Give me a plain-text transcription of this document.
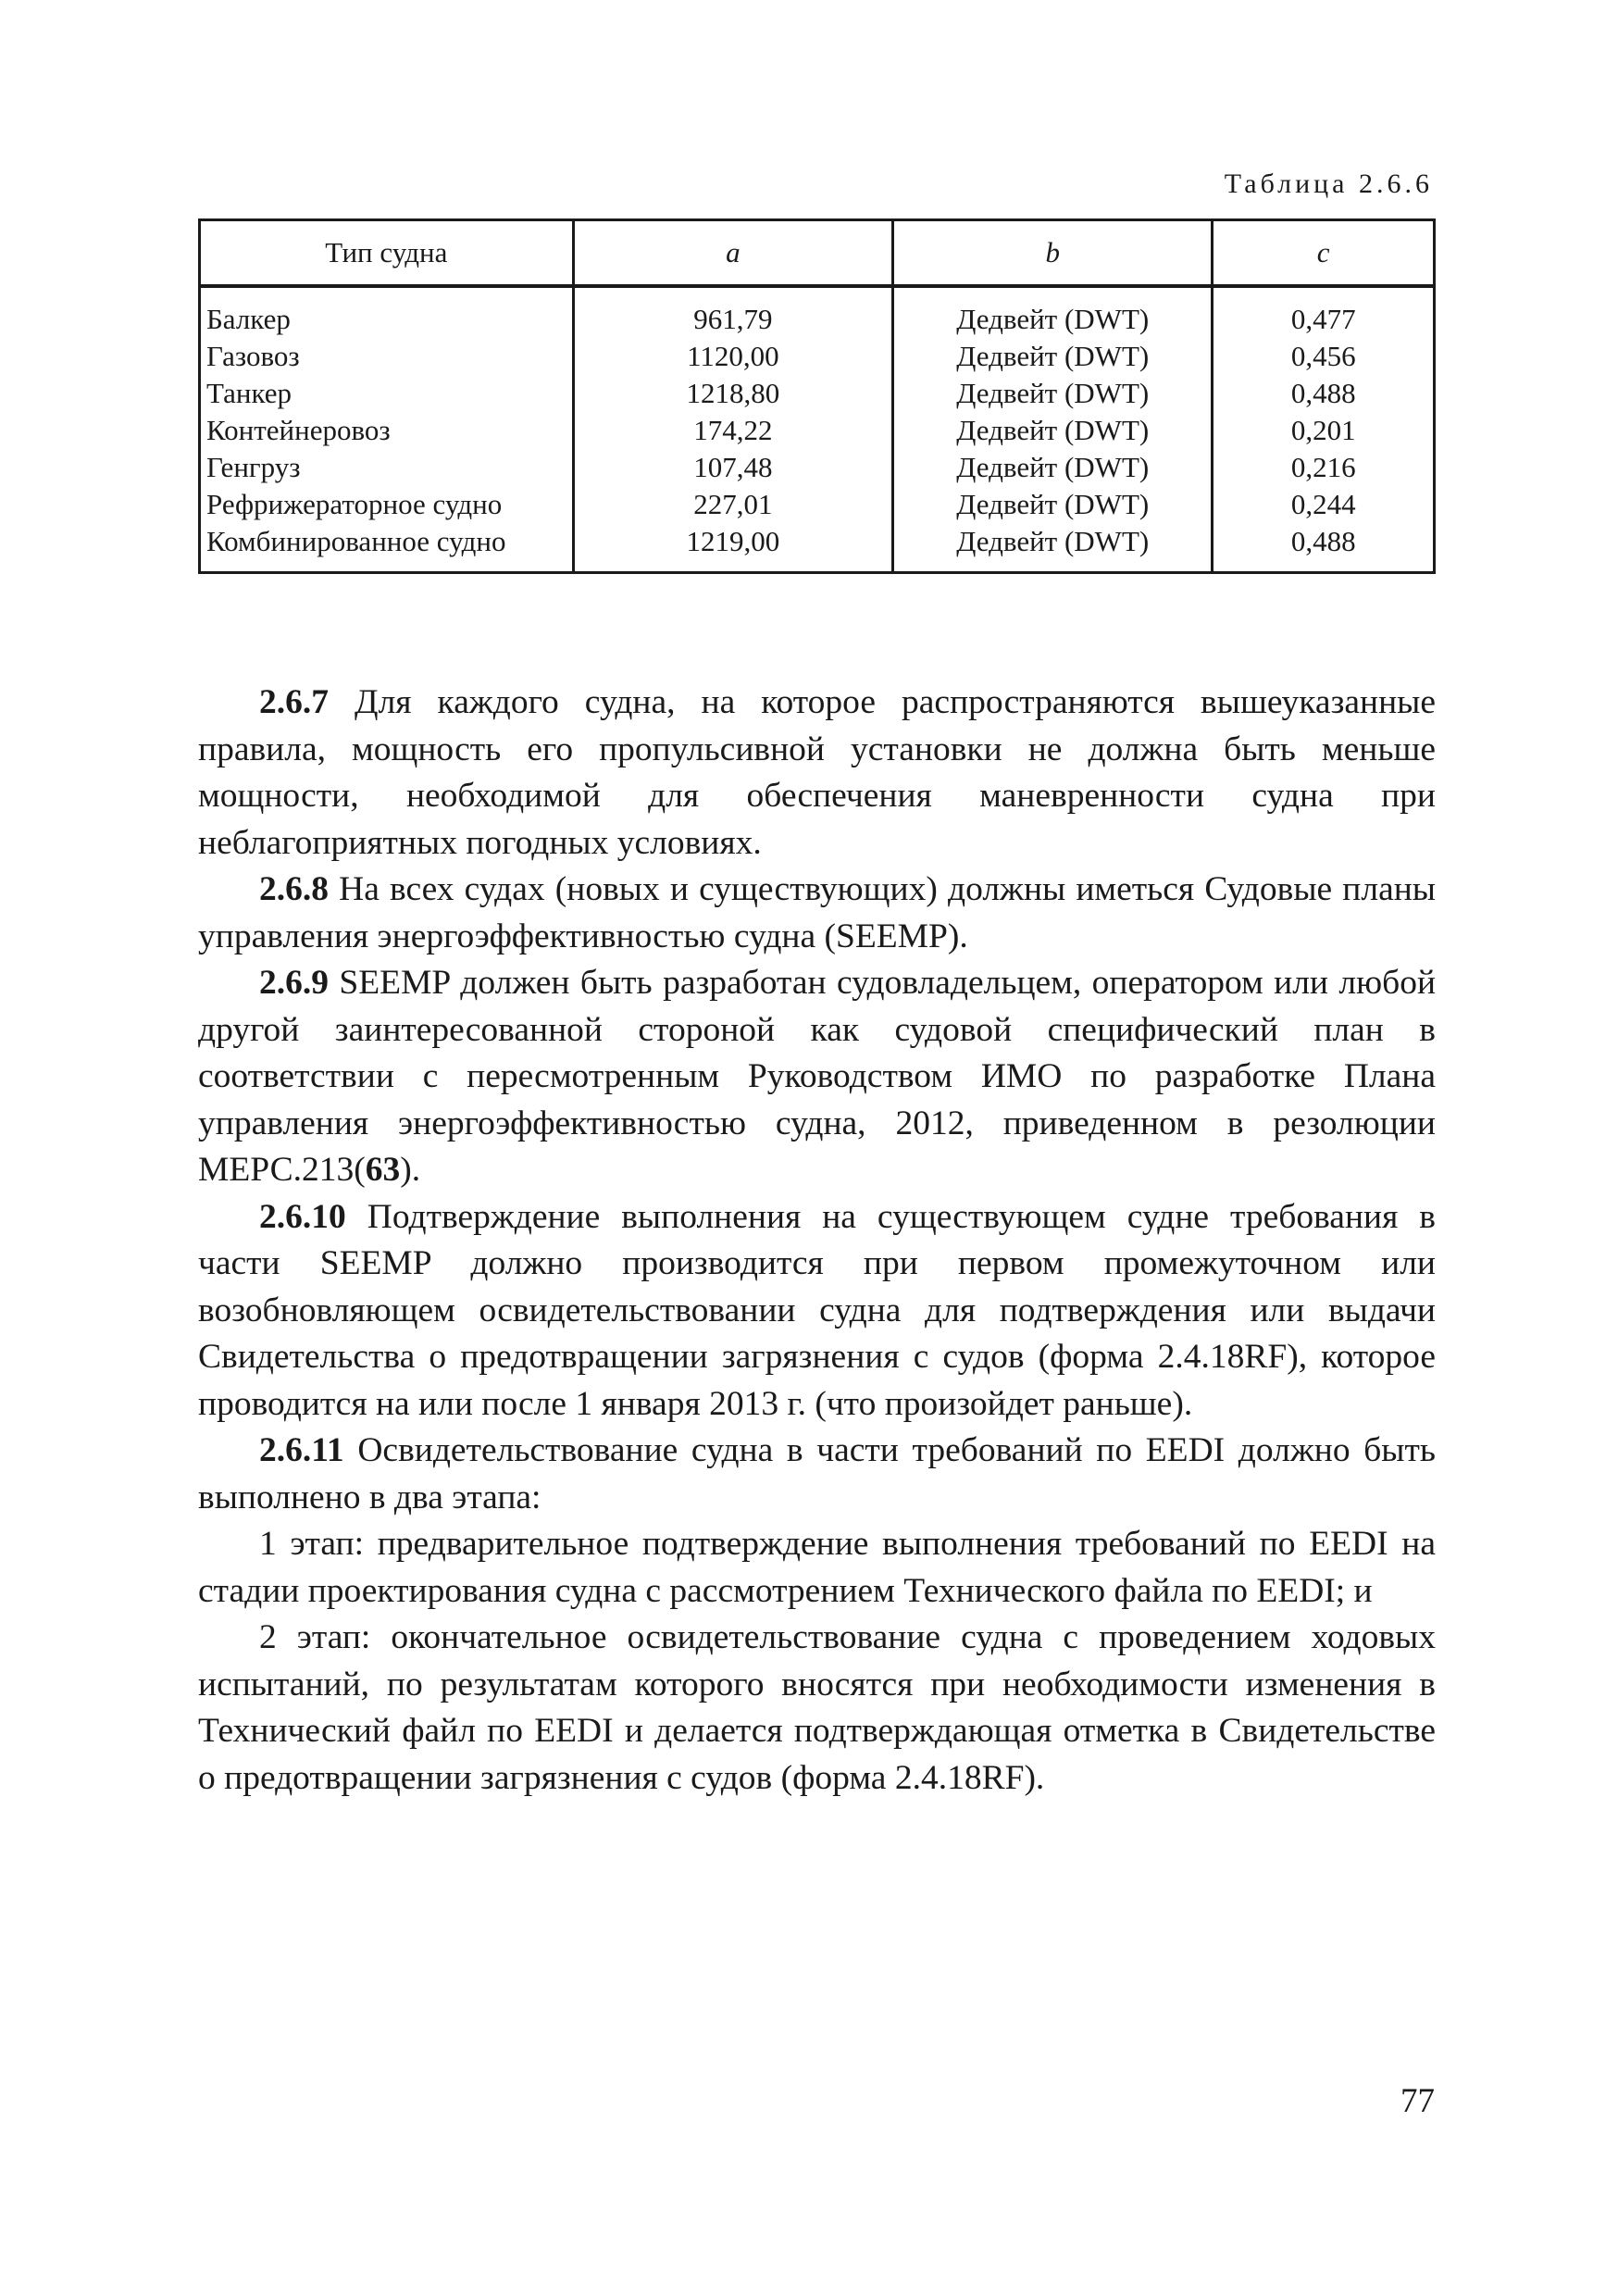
Таблица 2.6.6
Тип судна	a	b	c
Балкер	961,79	Дедвейт (DWT)	0,477
Газовоз	1120,00	Дедвейт (DWT)	0,456
Танкер	1218,80	Дедвейт (DWT)	0,488
Контейнеровоз	174,22	Дедвейт (DWT)	0,201
Генгруз	107,48	Дедвейт (DWT)	0,216
Рефрижераторное судно	227,01	Дедвейт (DWT)	0,244
Комбинированное судно	1219,00	Дедвейт (DWT)	0,488

2.6.7 Для каждого судна, на которое распространяются вышеуказанные правила, мощность его пропульсивной установки не должна быть меньше мощности, необходимой для обеспечения маневренности судна при неблагоприятных погодных условиях.

2.6.8 На всех судах (новых и существующих) должны иметься Судовые планы управления энергоэффективностью судна (SEEMP).

2.6.9 SEEMP должен быть разработан судовладельцем, оператором или любой другой заинтересованной стороной как судовой специфический план в соответствии с пересмотренным Руководством ИМО по разработке Плана управления энергоэффективностью судна, 2012, приведенном в резолюции МЕРС.213(63).

2.6.10 Подтверждение выполнения на существующем судне требования в части SEEMP должно производится при первом промежуточном или возобновляющем освидетельствовании судна для подтверждения или выдачи Свидетельства о предотвращении загрязнения с судов (форма 2.4.18RF), которое проводится на или после 1 января 2013 г. (что произойдет раньше).

2.6.11 Освидетельствование судна в части требований по EEDI должно быть выполнено в два этапа:

1 этап: предварительное подтверждение выполнения требований по EEDI на стадии проектирования судна с рассмотрением Технического файла по EEDI; и

2 этап: окончательное освидетельствование судна с проведением ходовых испытаний, по результатам которого вносятся при необходимости изменения в Технический файл по EEDI и делается подтверждающая отметка в Свидетельстве о предотвращении загрязнения с судов (форма 2.4.18RF).

77
